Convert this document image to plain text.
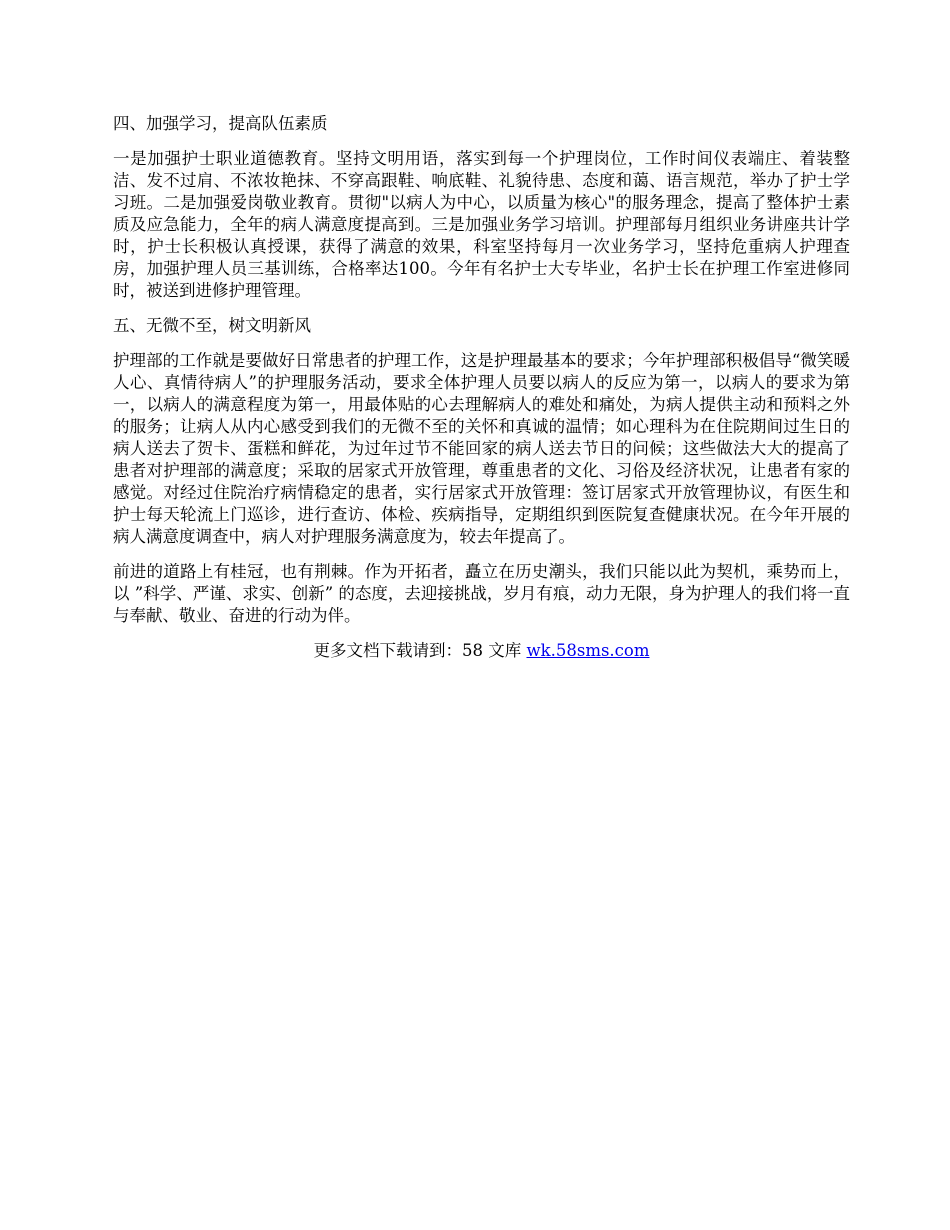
四、加强学习，提高队伍素质

一是加强护士职业道德教育。坚持文明用语，落实到每一个护理岗位，工作时间仪表端庄、着装整洁、发不过肩、不浓妆艳抹、不穿高跟鞋、响底鞋、礼貌待患、态度和蔼、语言规范，举办了护士学习班。二是加强爱岗敬业教育。贯彻"以病人为中心，以质量为核心"的服务理念，提高了整体护士素质及应急能力，全年的病人满意度提高到。三是加强业务学习培训。护理部每月组织业务讲座共计学时，护士长积极认真授课，获得了满意的效果，科室坚持每月一次业务学习，坚持危重病人护理查房，加强护理人员三基训练，合格率达100。今年有名护士大专毕业，名护士长在护理工作室进修同时，被送到进修护理管理。

五、无微不至，树文明新风

护理部的工作就是要做好日常患者的护理工作，这是护理最基本的要求；今年护理部积极倡导“微笑暖人心、真情待病人”的护理服务活动，要求全体护理人员要以病人的反应为第一，以病人的要求为第一，以病人的满意程度为第一，用最体贴的心去理解病人的难处和痛处，为病人提供主动和预料之外的服务；让病人从内心感受到我们的无微不至的关怀和真诚的温情；如心理科为在住院期间过生日的病人送去了贺卡、蛋糕和鲜花，为过年过节不能回家的病人送去节日的问候；这些做法大大的提高了患者对护理部的满意度；采取的居家式开放管理，尊重患者的文化、习俗及经济状况，让患者有家的感觉。对经过住院治疗病情稳定的患者，实行居家式开放管理：签订居家式开放管理协议，有医生和护士每天轮流上门巡诊，进行查访、体检、疾病指导，定期组织到医院复查健康状况。在今年开展的病人满意度调查中，病人对护理服务满意度为，较去年提高了。

前进的道路上有桂冠，也有荆棘。作为开拓者，矗立在历史潮头，我们只能以此为契机，乘势而上，以 ”科学、严谨、求实、创新” 的态度，去迎接挑战，岁月有痕，动力无限，身为护理人的我们将一直与奉献、敬业、奋进的行动为伴。

更多文档下载请到：58 文库 wk.58sms.com
